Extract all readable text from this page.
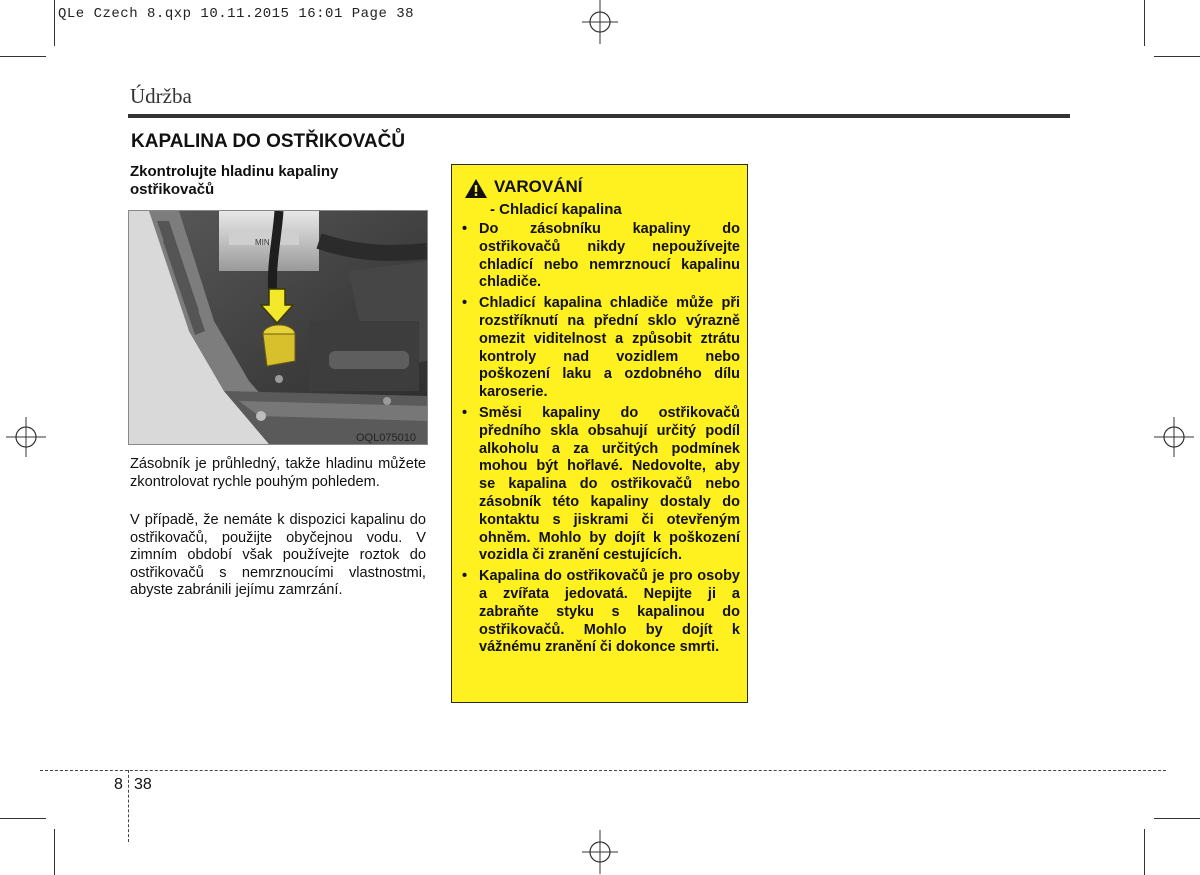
QLe Czech 8.qxp 10.11.2015 16:01 Page 38
Údržba
KAPALINA DO OSTŘIKOVAČŮ
Zkontrolujte hladinu kapaliny ostřikovačů
MIN
OQL075010
Zásobník je průhledný, takže hladinu můžete zkontrolovat rychle pouhým pohledem.
V případě, že nemáte k dispozici kapalinu do ostřikovačů, použijte obyčejnou vodu. V zimním období však používejte roztok do ostřikovačů s nemrznoucími vlastnostmi, abyste zabránili jejímu zamrzání.
VAROVÁNÍ
- Chladicí kapalina
• Do zásobníku kapaliny do ostřikovačů nikdy nepoužívejte chladící nebo nemrznoucí kapalinu chladiče.
• Chladicí kapalina chladiče může při rozstříknutí na přední sklo výrazně omezit viditelnost a způsobit ztrátu kontroly nad vozidlem nebo poškození laku a ozdobného dílu karoserie.
• Směsi kapaliny do ostřikovačů předního skla obsahují určitý podíl alkoholu a za určitých podmínek mohou být hořlavé. Nedovolte, aby se kapalina do ostřikovačů nebo zásobník této kapaliny dostaly do kontaktu s jiskrami či otevřeným ohněm. Mohlo by dojít k poškození vozidla či zranění cestujících.
• Kapalina do ostřikovačů je pro osoby a zvířata jedovatá. Nepijte ji a zabraňte styku s kapalinou do ostřikovačů. Mohlo by dojít k vážnému zranění či dokonce smrti.
8 38
